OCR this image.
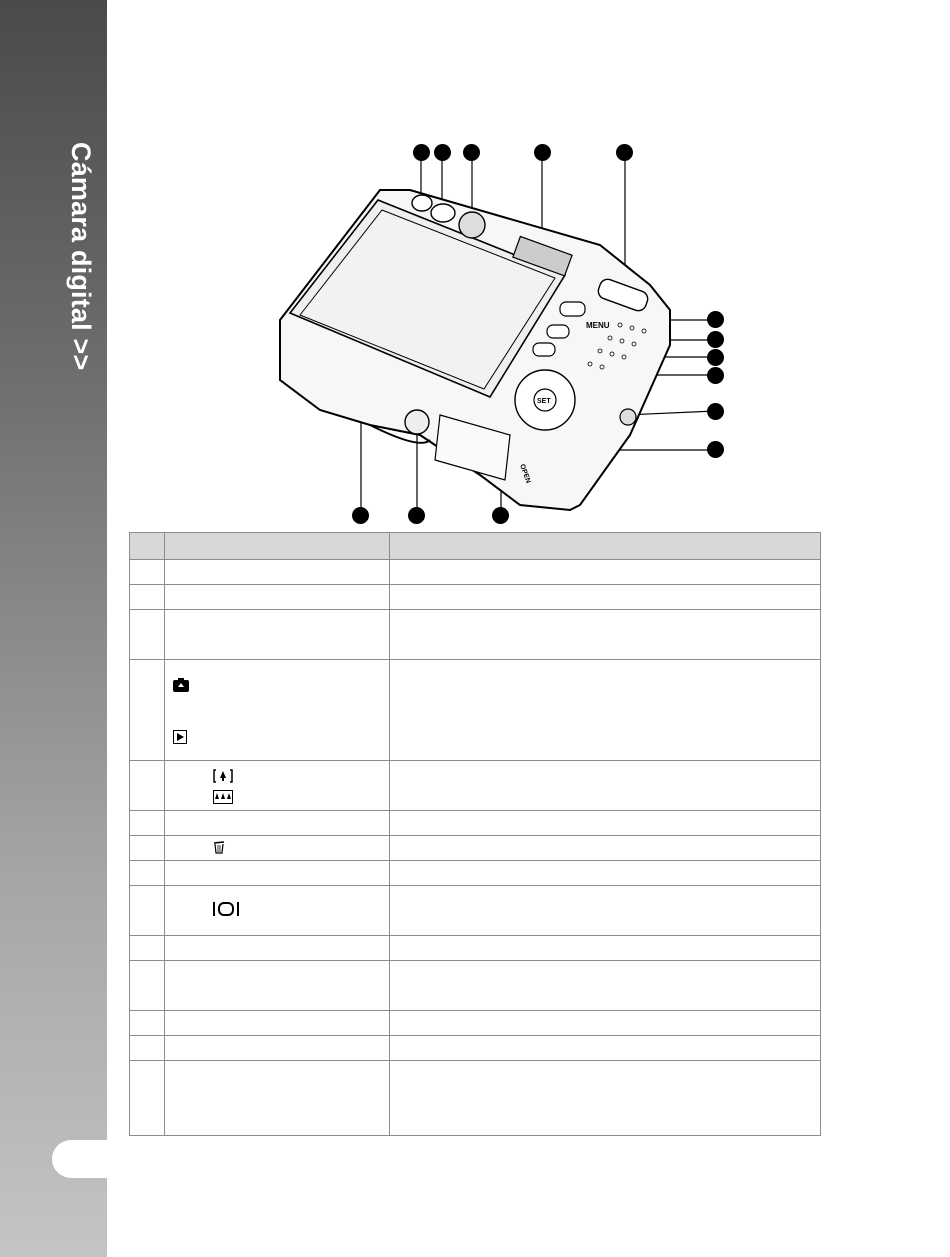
Cámara digital >>	MENU
SET
OPEN
